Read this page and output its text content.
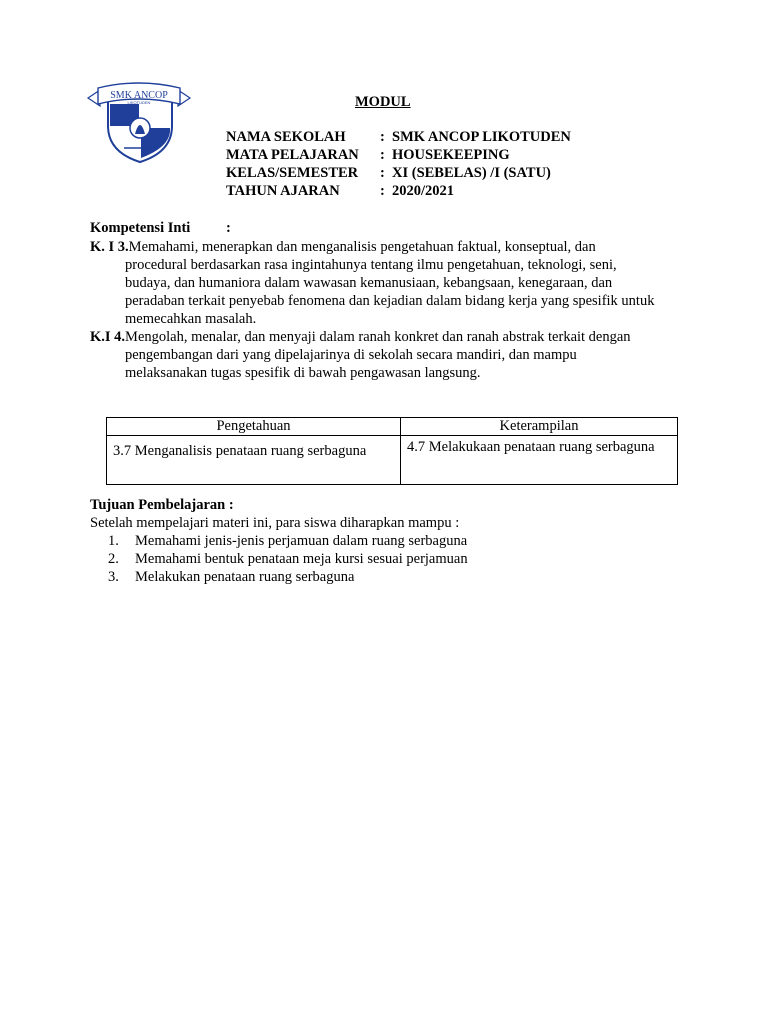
SMK ANCOP
LIKOTUDEN	MODUL
NAMA SEKOLAH : SMK ANCOP LIKOTUDEN
MATA PELAJARAN : HOUSEKEEPING
KELAS/SEMESTER : XI (SEBELAS) /I (SATU)
TAHUN AJARAN	: 2020/2021
Kompetensi Inti :
K. I 3.Memahami, menerapkan dan menganalisis pengetahuan faktual, konseptual, dan
procedural berdasarkan rasa ingintahunya tentang ilmu pengetahuan, teknologi, seni,
budaya, dan humaniora dalam wawasan kemanusiaan, kebangsaan, kenegaraan, dan
peradaban terkait penyebab fenomena dan kejadian dalam bidang kerja yang spesifik untuk
memecahkan masalah.
K.I 4.Mengolah, menalar, dan menyaji dalam ranah konkret dan ranah abstrak terkait dengan
pengembangan dari yang dipelajarinya di sekolah secara mandiri, dan mampu
melaksanakan tugas spesifik di bawah pengawasan langsung.
Pengetahuan	Keterampilan
3.7 Menganalisis penataan ruang serbaguna	4.7 Melakukaan penataan ruang serbaguna
Tujuan Pembelajaran :
Setelah mempelajari materi ini, para siswa diharapkan mampu :
1. Memahami jenis-jenis perjamuan dalam ruang serbaguna
2. Memahami bentuk penataan meja kursi sesuai perjamuan
3. Melakukan penataan ruang serbaguna
